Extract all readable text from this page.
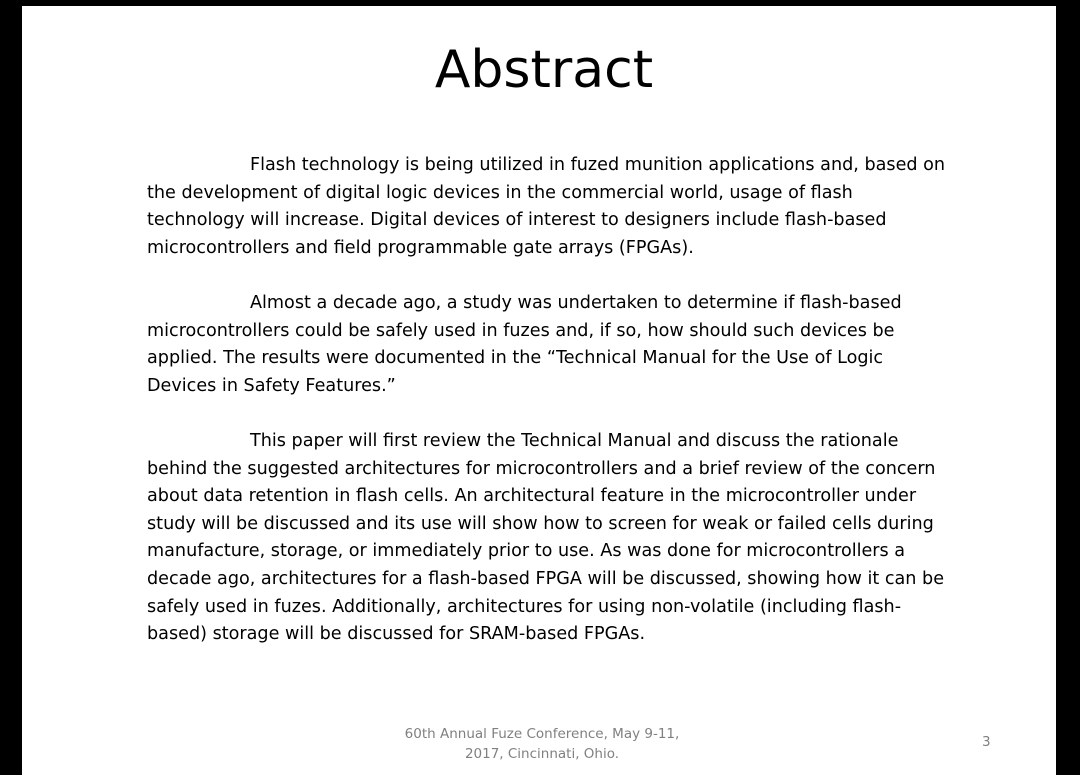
Abstract

Flash technology is being utilized in fuzed munition applications and, based on the development of digital logic devices in the commercial world, usage of flash technology will increase. Digital devices of interest to designers include flash-based microcontrollers and field programmable gate arrays (FPGAs).

Almost a decade ago, a study was undertaken to determine if flash-based microcontrollers could be safely used in fuzes and, if so, how should such devices be applied. The results were documented in the “Technical Manual for the Use of Logic Devices in Safety Features.”

This paper will first review the Technical Manual and discuss the rationale behind the suggested architectures for microcontrollers and a brief review of the concern about data retention in flash cells. An architectural feature in the microcontroller under study will be discussed and its use will show how to screen for weak or failed cells during manufacture, storage, or immediately prior to use. As was done for microcontrollers a decade ago, architectures for a flash-based FPGA will be discussed, showing how it can be safely used in fuzes. Additionally, architectures for using non-volatile (including flash-based) storage will be discussed for SRAM-based FPGAs.

60th Annual Fuze Conference, May 9-11,
2017, Cincinnati, Ohio.
3
